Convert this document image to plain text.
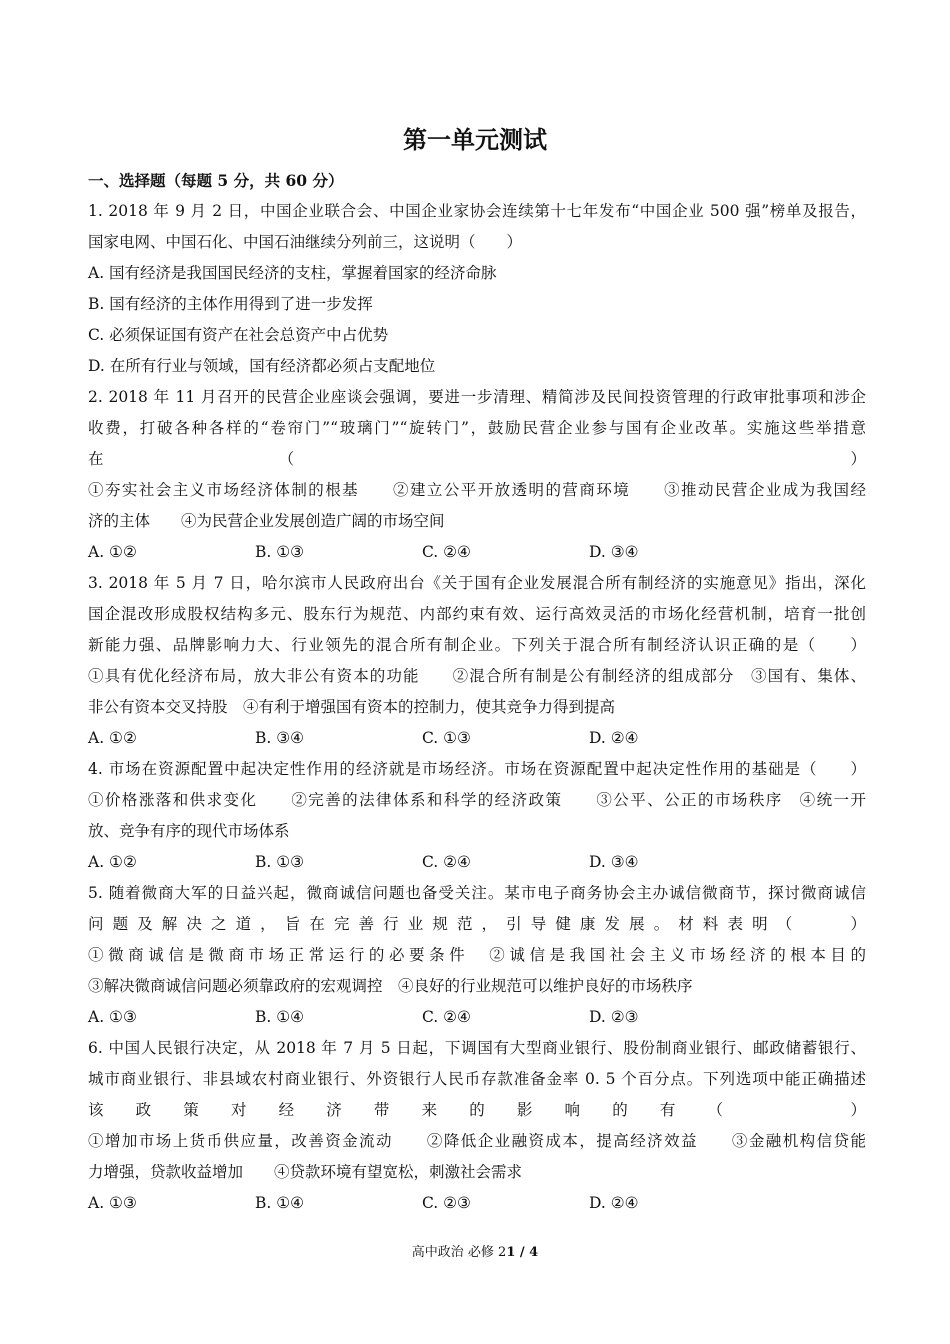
第一单元测试
一、选择题（每题 5 分，共 60 分）
1. 2018 年 9 月 2 日，中国企业联合会、中国企业家协会连续第十七年发布“中国企业 500 强”榜单及报告，
国家电网、中国石化、中国石油继续分列前三，这说明（　　）
A. 国有经济是我国国民经济的支柱，掌握着国家的经济命脉
B. 国有经济的主体作用得到了进一步发挥
C. 必须保证国有资产在社会总资产中占优势
D. 在所有行业与领域，国有经济都必须占支配地位
2. 2018 年 11 月召开的民营企业座谈会强调，要进一步清理、精简涉及民间投资管理的行政审批事项和涉企
收费，打破各种各样的“卷帘门”“玻璃门”“旋转门”，鼓励民营企业参与国有企业改革。实施这些举措意
在（　　）
①夯实社会主义市场经济体制的根基　　②建立公平开放透明的营商环境　　③推动民营企业成为我国经
济的主体　　④为民营企业发展创造广阔的市场空间
A. ①②	B. ①③	C. ②④	D. ③④
3. 2018 年 5 月 7 日，哈尔滨市人民政府出台《关于国有企业发展混合所有制经济的实施意见》指出，深化
国企混改形成股权结构多元、股东行为规范、内部约束有效、运行高效灵活的市场化经营机制，培育一批创
新能力强、品牌影响力大、行业领先的混合所有制企业。下列关于混合所有制经济认识正确的是（　　）
①具有优化经济布局，放大非公有资本的功能　　②混合所有制是公有制经济的组成部分　③国有、集体、
非公有资本交叉持股　④有利于增强国有资本的控制力，使其竞争力得到提高
A. ①②	B. ③④	C. ①③	D. ②④
4. 市场在资源配置中起决定性作用的经济就是市场经济。市场在资源配置中起决定性作用的基础是（　　）
①价格涨落和供求变化　　②完善的法律体系和科学的经济政策　　③公平、公正的市场秩序　④统一开
放、竞争有序的现代市场体系
A. ①②	B. ①③	C. ②④	D. ③④
5. 随着微商大军的日益兴起，微商诚信问题也备受关注。某市电子商务协会主办诚信微商节，探讨微商诚信
问题及解决之道，旨在完善行业规范，引导健康发展。材料表明（　　）
①微商诚信是微商市场正常运行的必要条件　②诚信是我国社会主义市场经济的根本目的
③解决微商诚信问题必须靠政府的宏观调控　④良好的行业规范可以维护良好的市场秩序
A. ①③	B. ①④	C. ②④	D. ②③
6. 中国人民银行决定，从 2018 年 7 月 5 日起，下调国有大型商业银行、股份制商业银行、邮政储蓄银行、
城市商业银行、非县域农村商业银行、外资银行人民币存款准备金率 0. 5 个百分点。下列选项中能正确描述
该政策对经济带来的影响的有（　　）
①增加市场上货币供应量，改善资金流动　　②降低企业融资成本，提高经济效益　　③金融机构信贷能
力增强，贷款收益增加　　④贷款环境有望宽松，刺激社会需求
A. ①③	B. ①④	C. ②③	D. ②④
高中政治 必修 21 / 4
